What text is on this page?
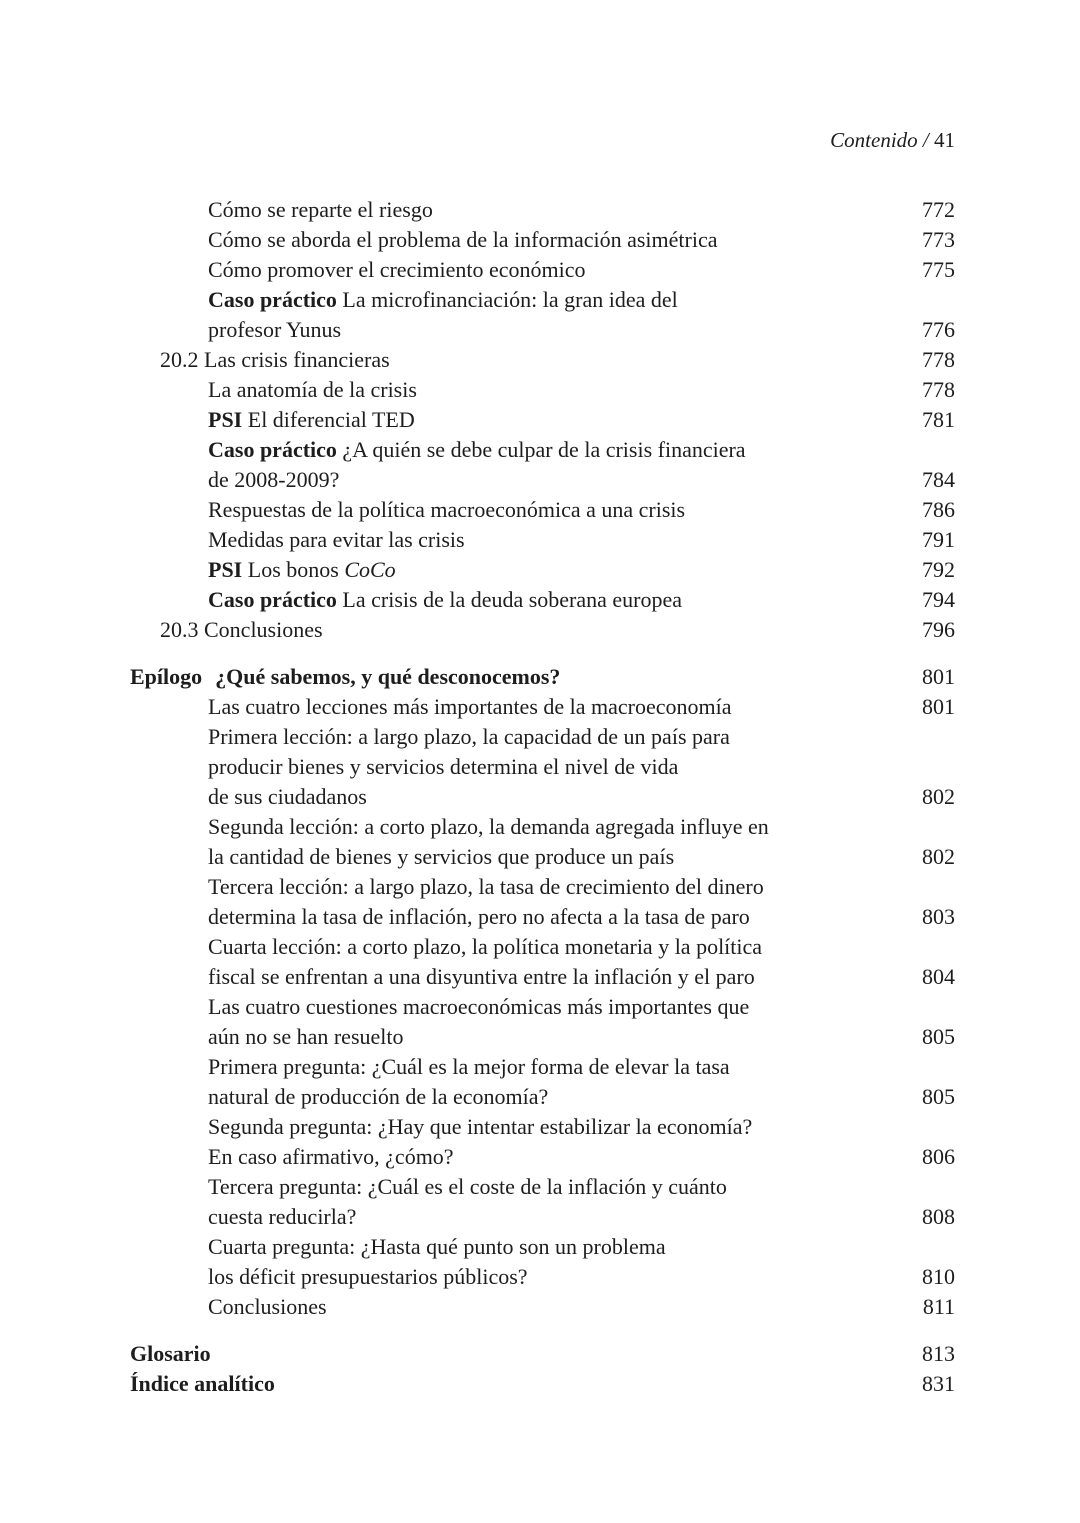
Contenido / 41
Cómo se reparte el riesgo	772
Cómo se aborda el problema de la información asimétrica	773
Cómo promover el crecimiento económico	775
Caso práctico La microfinanciación: la gran idea del
profesor Yunus	776
20.2 Las crisis financieras	778
La anatomía de la crisis	778
PSI El diferencial TED	781
Caso práctico ¿A quién se debe culpar de la crisis financiera
de 2008-2009?	784
Respuestas de la política macroeconómica a una crisis	786
Medidas para evitar las crisis	791
PSI Los bonos CoCo	792
Caso práctico La crisis de la deuda soberana europea	794
20.3 Conclusiones	796
Epílogo ¿Qué sabemos, y qué desconocemos?	801
Las cuatro lecciones más importantes de la macroeconomía	801
Primera lección: a largo plazo, la capacidad de un país para
producir bienes y servicios determina el nivel de vida
de sus ciudadanos	802
Segunda lección: a corto plazo, la demanda agregada influye en
la cantidad de bienes y servicios que produce un país	802
Tercera lección: a largo plazo, la tasa de crecimiento del dinero
determina la tasa de inflación, pero no afecta a la tasa de paro	803
Cuarta lección: a corto plazo, la política monetaria y la política
fiscal se enfrentan a una disyuntiva entre la inflación y el paro	804
Las cuatro cuestiones macroeconómicas más importantes que
aún no se han resuelto	805
Primera pregunta: ¿Cuál es la mejor forma de elevar la tasa
natural de producción de la economía?	805
Segunda pregunta: ¿Hay que intentar estabilizar la economía?
En caso afirmativo, ¿cómo?	806
Tercera pregunta: ¿Cuál es el coste de la inflación y cuánto
cuesta reducirla?	808
Cuarta pregunta: ¿Hasta qué punto son un problema
los déficit presupuestarios públicos?	810
Conclusiones	811
Glosario	813
Índice analítico	831
